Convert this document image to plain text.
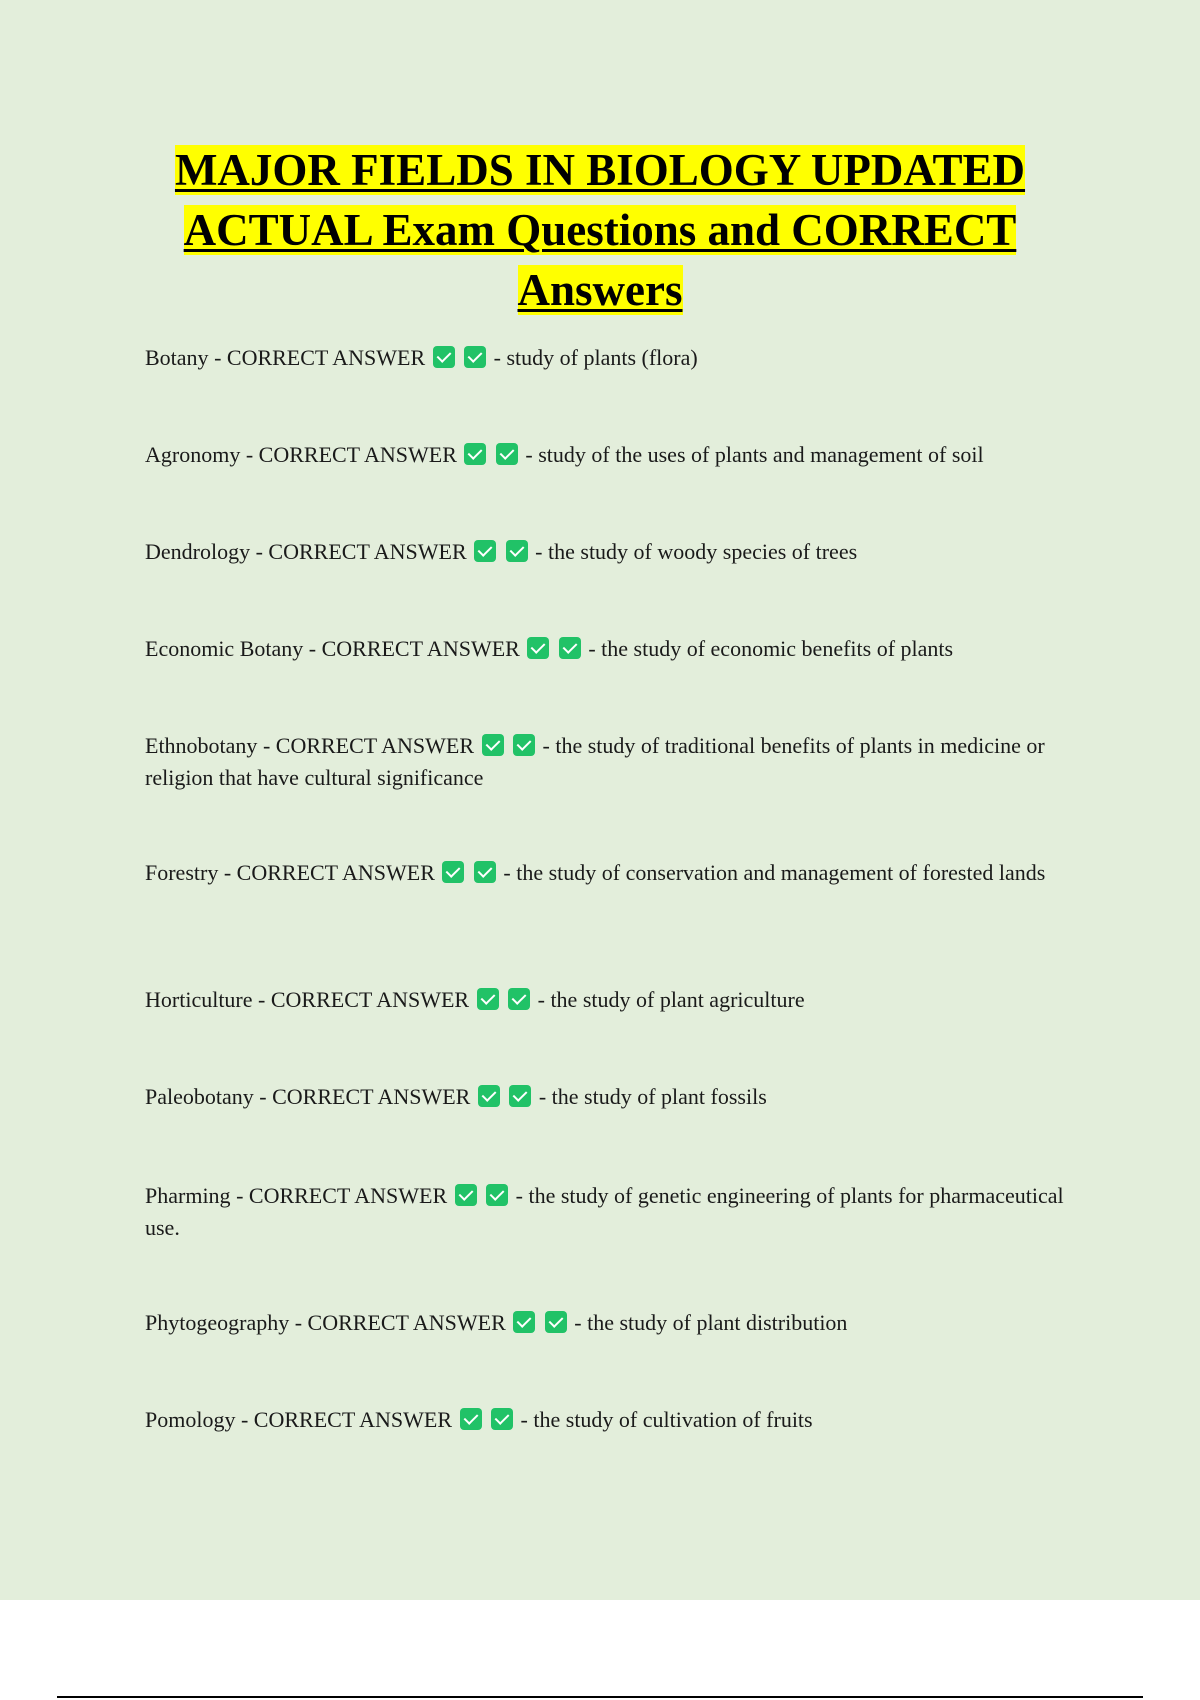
MAJOR FIELDS IN BIOLOGY UPDATED ACTUAL Exam Questions and CORRECT Answers
Botany - CORRECT ANSWER	- study of plants (flora)
Agronomy - CORRECT ANSWER	- study of the uses of plants and management of soil
Dendrology - CORRECT ANSWER	- the study of woody species of trees
Economic Botany - CORRECT ANSWER	- the study of economic benefits of plants
Ethnobotany - CORRECT ANSWER	- the study of traditional benefits of plants in medicine or religion that have cultural significance
Forestry - CORRECT ANSWER	- the study of conservation and management of forested lands
Horticulture - CORRECT ANSWER	- the study of plant agriculture
Paleobotany - CORRECT ANSWER	- the study of plant fossils
Pharming - CORRECT ANSWER	- the study of genetic engineering of plants for pharmaceutical use.
Phytogeography - CORRECT ANSWER	- the study of plant distribution
Pomology - CORRECT ANSWER	- the study of cultivation of fruits
